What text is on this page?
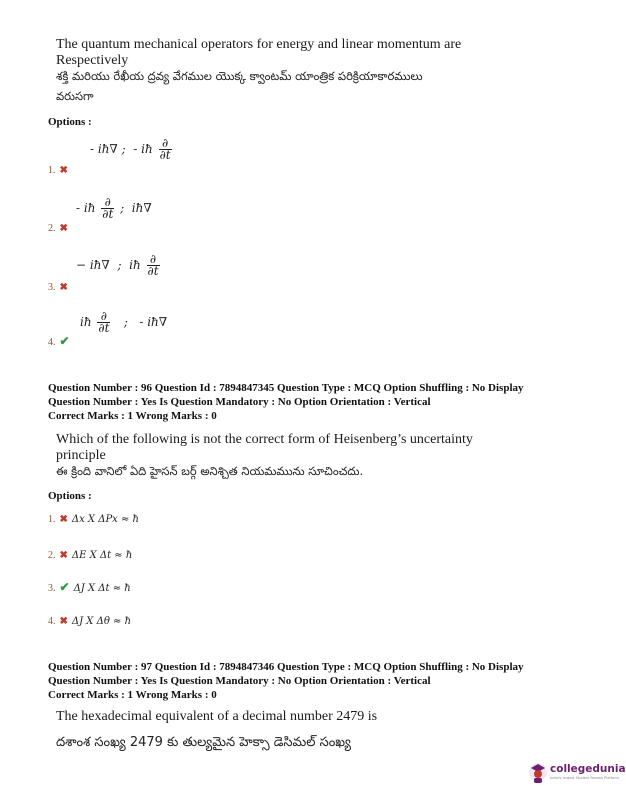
The quantum mechanical operators for energy and linear momentum are
Respectively
శక్తి మరియు రేఖీయ ద్రవ్య వేగముల యొక్క క్వాంటమ్ యాంత్రిక పరిక్రియాకారములు
వరుసగా
Options :
- iħ∇ ;  - iħ $\frac{\partial}{\partial t}$
1. ✖
- iħ $\frac{\partial}{\partial t}$ ;  iħ∇
2. ✖
− iħ∇  ;  iħ $\frac{\partial}{\partial t}$
3. ✖
iħ $\frac{\partial}{\partial t}$ ;   - iħ∇
4. ✔
Question Number : 96 Question Id : 7894847345 Question Type : MCQ Option Shuffling : No Display
Question Number : Yes Is Question Mandatory : No Option Orientation : Vertical
Correct Marks : 1 Wrong Marks : 0
Which of the following is not the correct form of Heisenberg’s uncertainty
principle
ఈ క్రింది వానిలో ఏది హైసన్ బర్గ్ అనిశ్చిత నియమమును సూచించదు.
Options :
1. ✖ Δx X ΔPx ≈ ħ
2. ✖ ΔE X Δt ≈ ħ
3. ✔ ΔJ X Δt ≈ ħ
4. ✖ ΔJ X Δθ ≈ ħ
Question Number : 97 Question Id : 7894847346 Question Type : MCQ Option Shuffling : No Display
Question Number : Yes Is Question Mandatory : No Option Orientation : Vertical
Correct Marks : 1 Wrong Marks : 0
The hexadecimal equivalent of a decimal number 2479 is
దశాంశ సంఖ్య 2479 కు తుల్యమైన హెక్సా డెసిమల్ సంఖ్య
collegedunia
India's largest Student Review Platform
